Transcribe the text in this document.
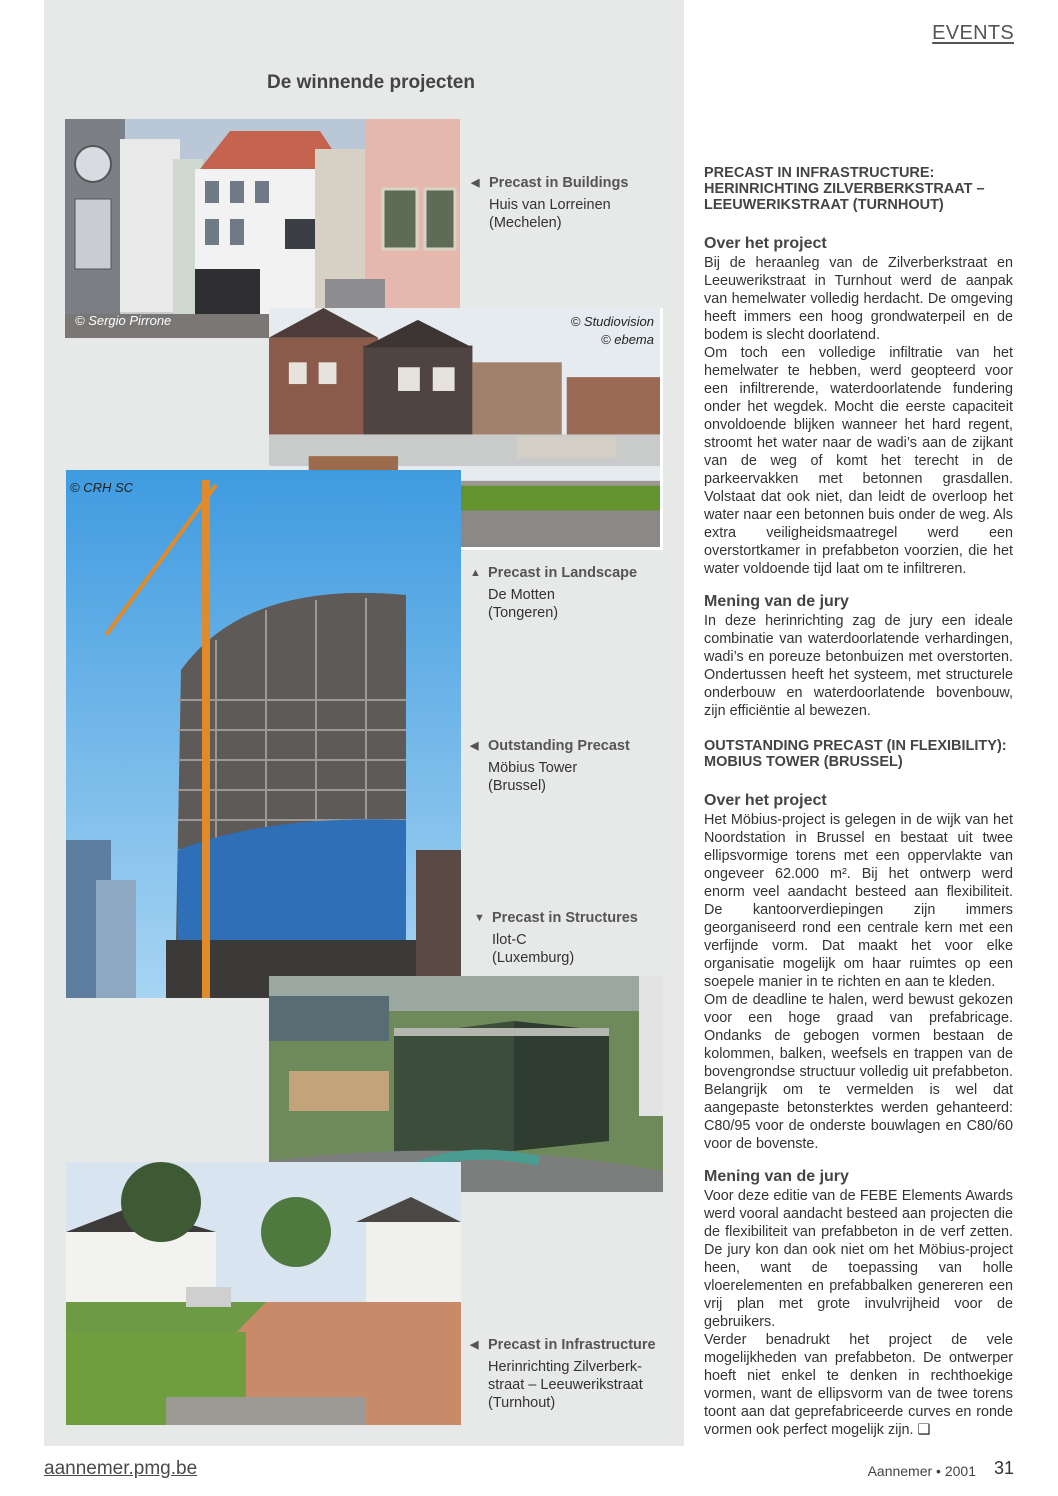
EVENTS
De winnende projecten
© Sergio Pirrone	© Studiovision
© ebema
© CRH SC
◀ Precast in Buildings
Huis van Lorreinen
(Mechelen)
▲ Precast in Landscape
De Motten
(Tongeren)
◀ Outstanding Precast
Möbius Tower
(Brussel)
▼ Precast in Structures
Ilot-C
(Luxemburg)
◀ Precast in Infrastructure
Herinrichting Zilverberk-
straat – Leeuwerikstraat
(Turnhout)
PRECAST IN INFRASTRUCTURE: HERINRICHTING ZILVERBERKSTRAAT – LEEUWERIKSTRAAT (TURNHOUT)
Over het project

Bij de heraanleg van de Zilverberkstraat en Leeuwerikstraat in Turnhout werd de aanpak van hemelwater volledig herdacht. De omgeving heeft immers een hoog grondwaterpeil en de bodem is slecht doorlatend.

Om toch een volledige infiltratie van het hemelwater te hebben, werd geopteerd voor een infiltrerende, waterdoorlatende fundering onder het wegdek. Mocht die eerste capaciteit onvoldoende blijken wanneer het hard regent, stroomt het water naar de wadi’s aan de zijkant van de weg of komt het terecht in de parkeervakken met betonnen grasdallen. Volstaat dat ook niet, dan leidt de overloop het water naar een betonnen buis onder de weg. Als extra veiligheidsmaatregel werd een overstortkamer in prefabbeton voorzien, die het water voldoende tijd laat om te infiltreren.

Mening van de jury

In deze herinrichting zag de jury een ideale combinatie van waterdoorlatende verhardingen, wadi’s en poreuze betonbuizen met overstorten. Ondertussen heeft het systeem, met structurele onderbouw en waterdoorlatende bovenbouw, zijn efficiëntie al bewezen.

OUTSTANDING PRECAST (IN FLEXIBILITY): MOBIUS TOWER (BRUSSEL)
Over het project

Het Möbius-project is gelegen in de wijk van het Noordstation in Brussel en bestaat uit twee ellipsvormige torens met een oppervlakte van ongeveer 62.000 m². Bij het ontwerp werd enorm veel aandacht besteed aan flexibiliteit. De kantoorverdiepingen zijn immers georganiseerd rond een centrale kern met een verfijnde vorm. Dat maakt het voor elke organisatie mogelijk om haar ruimtes op een soepele manier in te richten en aan te kleden.

Om de deadline te halen, werd bewust gekozen voor een hoge graad van prefabricage. Ondanks de gebogen vormen bestaan de kolommen, balken, weefsels en trappen van de bovengrondse structuur volledig uit prefabbeton. Belangrijk om te vermelden is wel dat aangepaste betonsterktes werden gehanteerd: C80/95 voor de onderste bouwlagen en C80/60 voor de bovenste.

Mening van de jury

Voor deze editie van de FEBE Elements Awards werd vooral aandacht besteed aan projecten die de flexibiliteit van prefabbeton in de verf zetten. De jury kon dan ook niet om het Möbius-project heen, want de toepassing van holle vloerelementen en prefabbalken genereren een vrij plan met grote invulvrijheid voor de gebruikers.

Verder benadrukt het project de vele mogelijkheden van prefabbeton. De ontwerper hoeft niet enkel te denken in rechthoekige vormen, want de ellipsvorm van de twee torens toont aan dat geprefabriceerde curves en ronde vormen ook perfect mogelijk zijn. ❑

aannemer.pmg.be	Aannemer • 2001 31
